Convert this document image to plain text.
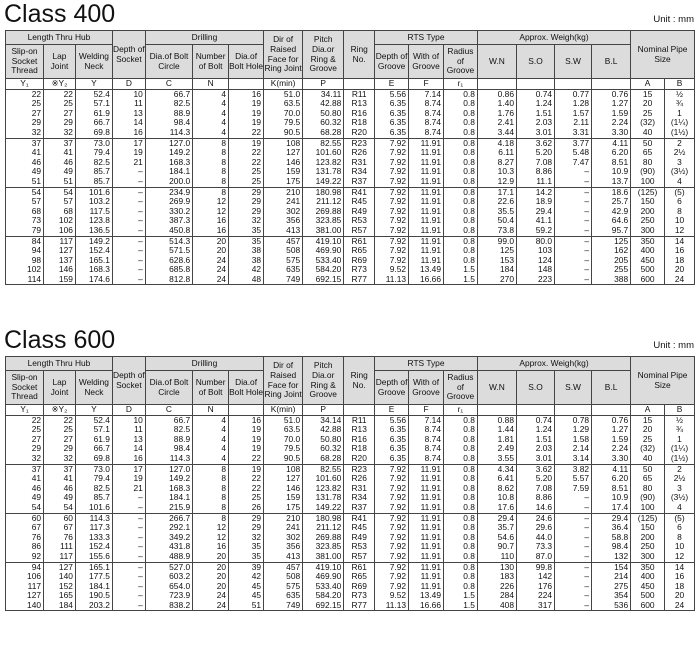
Class 400	Unit : mm
Length Thru Hub			Depth of Socket	Drilling			Dir of Raised Face for Ring Joint	Pitch Dia.or Ring & Groove	Ring No.	RTS Type			Approx. Weigh(kg)				Nominal Pipe Size	
Slip-on Socket Thread	Lap Joint	Welding Neck		Dia.of Bolt Circle	Number of Bolt	Dia.of Bolt Hole				Depth of Groove	With of Groove	Radius of Groove	W.N	S.O	S.W	B.L		
Y₁	※Y₂	Y	D	C	N		K(min)	P		E	F	r₁					A	B
22	22	52.4	10	66.7	4	16	51.0	34.11	R11	5.56	7.14	0.8	0.86	0.74	0.77	0.76	15	½
25	25	57.1	11	82.5	4	19	63.5	42.88	R13	6.35	8.74	0.8	1.40	1.24	1.28	1.27	20	¾
27	27	61.9	13	88.9	4	19	70.0	50.80	R16	6.35	8.74	0.8	1.76	1.51	1.57	1.59	25	1
29	29	66.7	14	98.4	4	19	79.5	60.32	R18	6.35	8.74	0.8	2.41	2.03	2.11	2.24	(32)	(1¼)
32	32	69.8	16	114.3	4	22	90.5	68.28	R20	6.35	8.74	0.8	3.44	3.01	3.31	3.30	40	(1½)
37	37	73.0	17	127.0	8	19	108	82.55	R23	7.92	11.91	0.8	4.18	3.62	3.77	4.11	50	2
41	41	79.4	19	149.2	8	22	127	101.60	R26	7.92	11.91	0.8	6.11	5.20	5.48	6.20	65	2½
46	46	82.5	21	168.3	8	22	146	123.82	R31	7.92	11.91	0.8	8.27	7.08	7.47	8.51	80	3
49	49	85.7	–	184.1	8	25	159	131.78	R34	7.92	11.91	0.8	10.3	8.86	–	10.9	(90)	(3½)
51	51	85.7	–	200.0	8	25	175	149.22	R37	7.92	11.91	0.8	12.9	11.1	–	13.7	100	4
54	54	101.6	–	234.9	8	29	210	180.98	R41	7.92	11.91	0.8	17.1	14.2	–	18.6	(125)	(5)
57	57	103.2	–	269.9	12	29	241	211.12	R45	7.92	11.91	0.8	22.6	18.9	–	25.7	150	6
68	68	117.5	–	330.2	12	29	302	269.88	R49	7.92	11.91	0.8	35.5	29.4	–	42.9	200	8
73	102	123.8	–	387.3	16	32	356	323.85	R53	7.92	11.91	0.8	50.4	41.1	–	64.6	250	10
79	106	136.5	–	450.8	16	35	413	381.00	R57	7.92	11.91	0.8	73.8	59.2	–	95.7	300	12
84	117	149.2	–	514.3	20	35	457	419.10	R61	7.92	11.91	0.8	99.0	80.0	–	125	350	14
94	127	152.4	–	571.5	20	38	508	469.90	R65	7.92	11.91	0.8	125	103	–	162	400	16
98	137	165.1	–	628.6	24	38	575	533.40	R69	7.92	11.91	0.8	153	124	–	205	450	18
102	146	168.3	–	685.8	24	42	635	584.20	R73	9.52	13.49	1.5	184	148	–	255	500	20
114	159	174.6	–	812.8	24	48	749	692.15	R77	11.13	16.66	1.5	270	223	–	388	600	24
Class 600	Unit : mm
Length Thru Hub			Depth of Socket	Drilling			Dir of Raised Face for Ring Joint	Pitch Dia.or Ring & Groove	Ring No.	RTS Type			Approx. Weigh(kg)				Nominal Pipe Size	
Slip-on Socket Thread	Lap Joint	Welding Neck		Dia.of Bolt Circle	Number of Bolt	Dia.of Bolt Hole				Depth of Groove	With of Groove	Radius of Groove	W.N	S.O	S.W	B.L		
Y₁	※Y₂	Y	D	C	N		K(min)	P		E	F	r₁					A	B
22	22	52.4	10	66.7	4	16	51.0	34.14	R11	5.56	7.14	0.8	0.88	0.74	0.78	0.76	15	½
25	25	57.1	11	82.5	4	19	63.5	42.88	R13	6.35	8.74	0.8	1.44	1.24	1.29	1.27	20	¾
27	27	61.9	13	88.9	4	19	70.0	50.80	R16	6.35	8.74	0.8	1.81	1.51	1.58	1.59	25	1
29	29	66.7	14	98.4	4	19	79.5	60.32	R18	6.35	8.74	0.8	2.49	2.03	2.14	2.24	(32)	(1¼)
32	32	69.8	16	114.3	4	22	90.5	68.28	R20	6.35	8.74	0.8	3.55	3.01	3.14	3.30	40	(1½)
37	37	73.0	17	127.0	8	19	108	82.55	R23	7.92	11.91	0.8	4.34	3.62	3.82	4.11	50	2
41	41	79.4	19	149.2	8	22	127	101.60	R26	7.92	11.91	0.8	6.41	5.20	5.57	6.20	65	2½
46	46	82.5	21	168.3	8	22	146	123.82	R31	7.92	11.91	0.8	8.62	7.08	7.59	8.51	80	3
49	49	85.7	–	184.1	8	25	159	131.78	R34	7.92	11.91	0.8	10.8	8.86	–	10.9	(90)	(3½)
54	54	101.6	–	215.9	8	26	175	149.22	R37	7.92	11.91	0.8	17.6	14.6	–	17.4	100	4
60	60	114.3	–	266.7	8	29	210	180.98	R41	7.92	11.91	0.8	29.4	24.6	–	29.4	(125)	(5)
67	67	117.3	–	292.1	12	29	241	211.12	R45	7.92	11.91	0.8	35.7	29.6	–	36.4	150	6
76	76	133.3	–	349.2	12	32	302	269.88	R49	7.92	11.91	0.8	54.6	44.0	–	58.8	200	8
86	111	152.4	–	431.8	16	35	356	323.85	R53	7.92	11.91	0.8	90.7	73.3	–	98.4	250	10
92	117	155.6	–	488.9	20	35	413	381.00	R57	7.92	11.91	0.8	110	87.0	–	132	300	12
94	127	165.1	–	527.0	20	39	457	419.10	R61	7.92	11.91	0.8	130	99.8	–	154	350	14
106	140	177.5	–	603.2	20	42	508	469.90	R65	7.92	11.91	0.8	183	142	–	214	400	16
117	152	184.1	–	654.0	20	45	575	533.40	R69	7.92	11.91	0.8	226	176	–	275	450	18
127	165	190.5	–	723.9	24	45	635	584.20	R73	9.52	13.49	1.5	284	224	–	354	500	20
140	184	203.2	–	838.2	24	51	749	692.15	R77	11.13	16.66	1.5	408	317	–	536	600	24
